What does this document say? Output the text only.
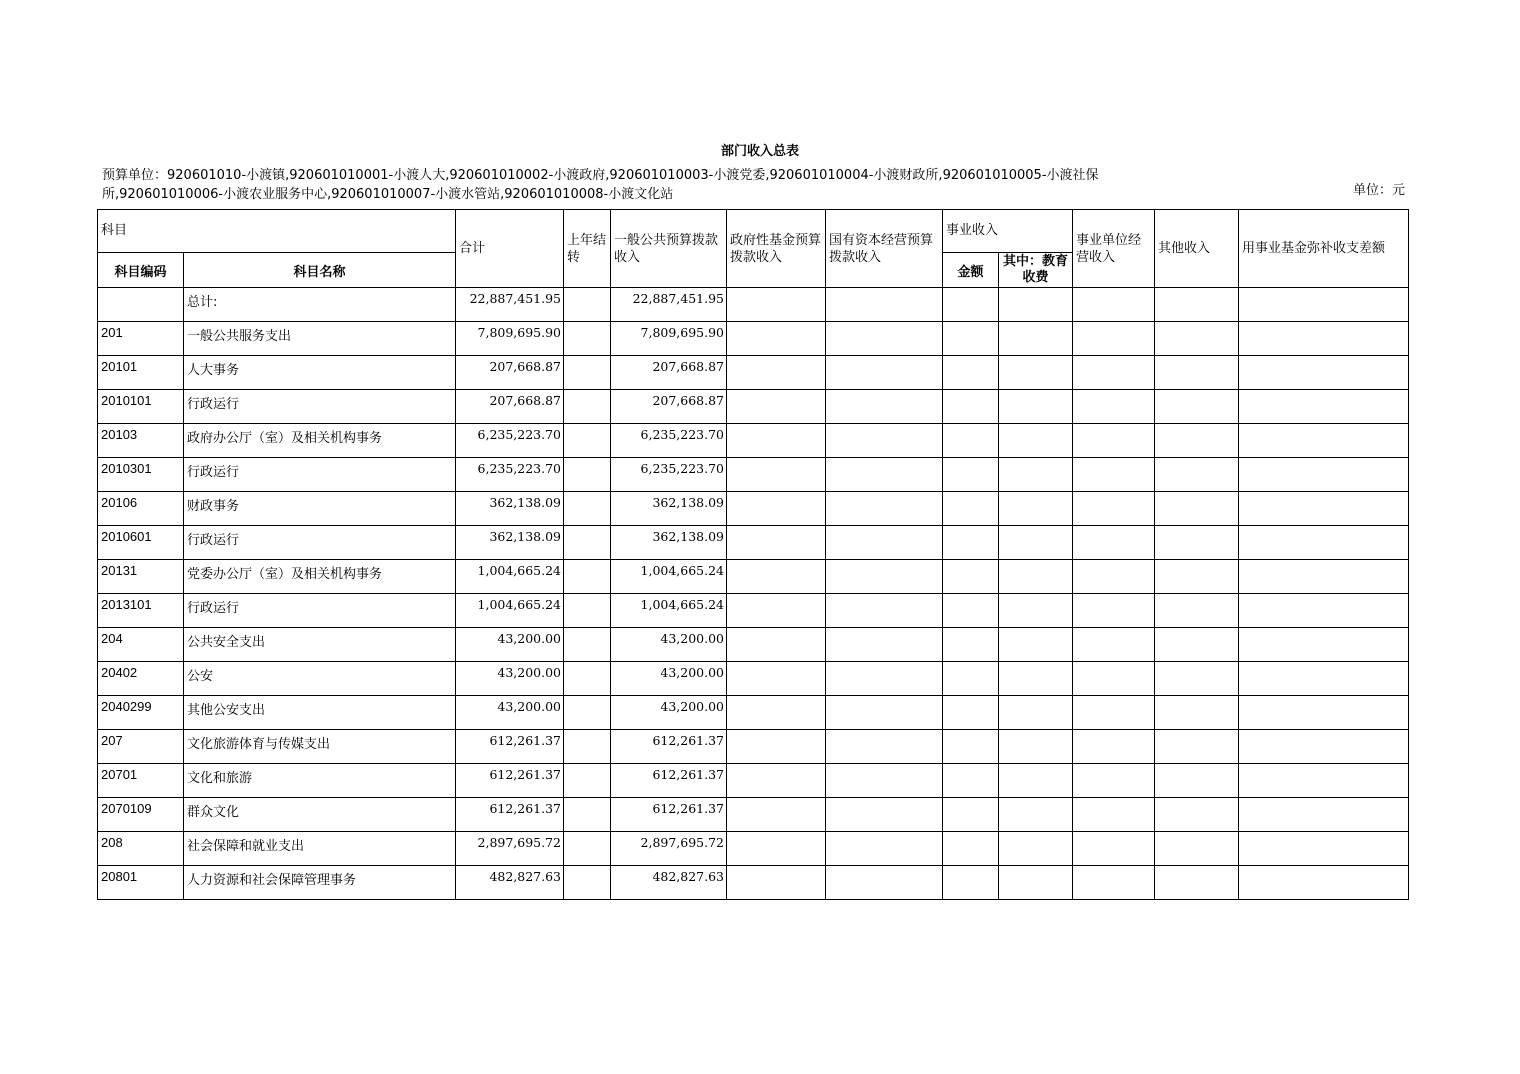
部门收入总表
预算单位：920601010-小渡镇,920601010001-小渡人大,920601010002-小渡政府,920601010003-小渡党委,920601010004-小渡财政所,920601010005-小渡社保所,920601010006-小渡农业服务中心,920601010007-小渡水管站,920601010008-小渡文化站	单位：元
科目		合计	上年结转	一般公共预算拨款收入	政府性基金预算拨款收入	国有资本经营预算拨款收入	事业收入		事业单位经营收入	其他收入	用事业基金弥补收支差额
科目编码	科目名称						金额	其中：教育收费			
	总计:	22,887,451.95		22,887,451.95							
201	一般公共服务支出	7,809,695.90		7,809,695.90							
20101	人大事务	207,668.87		207,668.87							
2010101	行政运行	207,668.87		207,668.87							
20103	政府办公厅（室）及相关机构事务	6,235,223.70		6,235,223.70							
2010301	行政运行	6,235,223.70		6,235,223.70							
20106	财政事务	362,138.09		362,138.09							
2010601	行政运行	362,138.09		362,138.09							
20131	党委办公厅（室）及相关机构事务	1,004,665.24		1,004,665.24							
2013101	行政运行	1,004,665.24		1,004,665.24							
204	公共安全支出	43,200.00		43,200.00							
20402	公安	43,200.00		43,200.00							
2040299	其他公安支出	43,200.00		43,200.00							
207	文化旅游体育与传媒支出	612,261.37		612,261.37							
20701	文化和旅游	612,261.37		612,261.37							
2070109	群众文化	612,261.37		612,261.37							
208	社会保障和就业支出	2,897,695.72		2,897,695.72							
20801	人力资源和社会保障管理事务	482,827.63		482,827.63							
